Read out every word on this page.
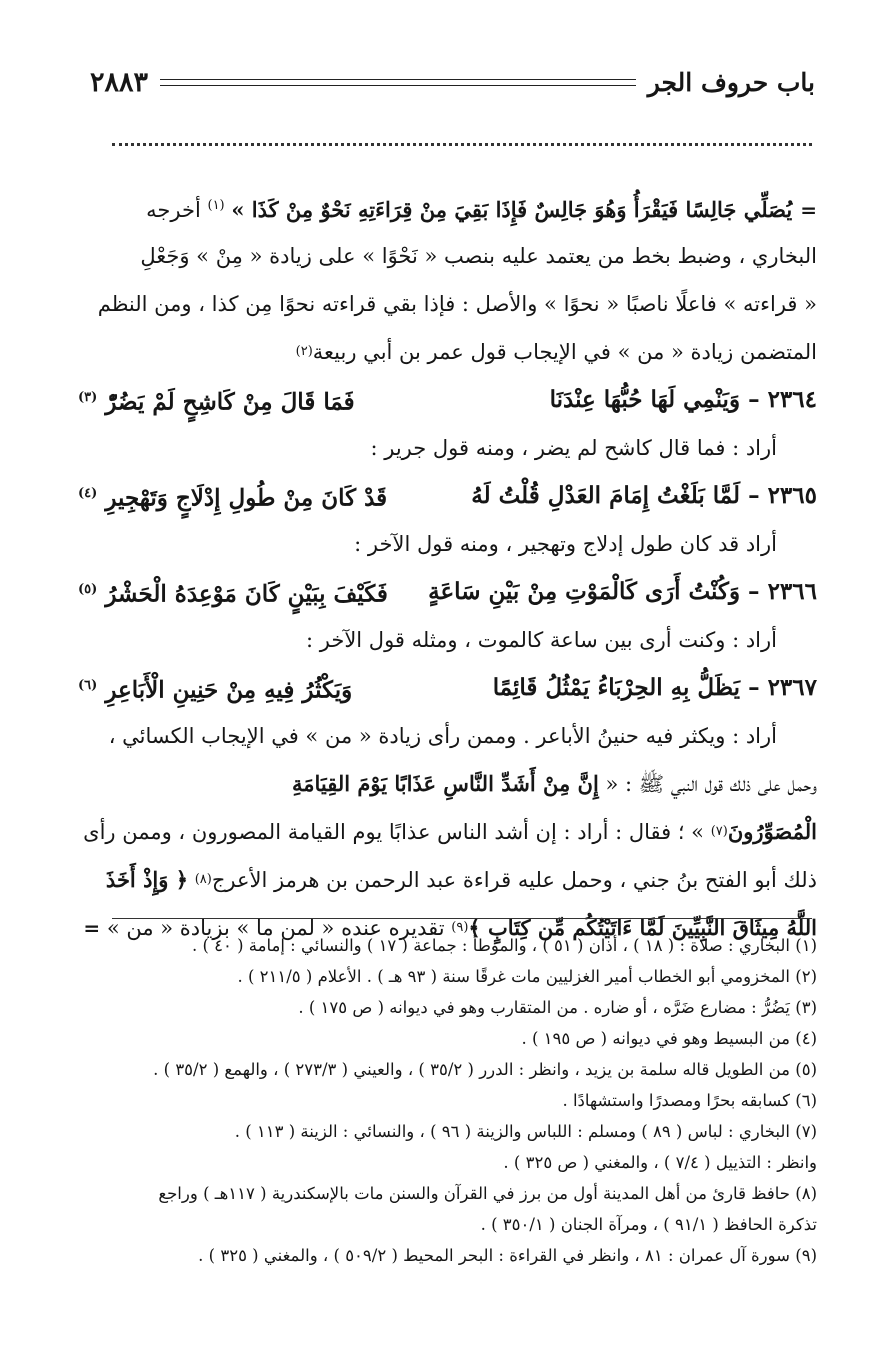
باب حروف الجر
٢٨٨٣
=يُصَلِّي جَالِسًا فَيَقْرَأُ وَهُوَ جَالِسٌ فَإِذَا بَقِيَ مِنْ قِرَاءَتِهِ نَحْوٌ مِنْ كَذَا » $^{(١)}$ أخرجه
البخاري ، وضبط بخط من يعتمد عليه بنصب « نَحْوًا » على زيادة « مِنْ » وَجَعْلِ
« قراءته » فاعلًا ناصبًا « نحوًا » والأصل : فإذا بقي قراءته نحوًا مِن كذا ، ومن النظم
المتضمن زيادة « من » في الإيجاب قول عمر بن أبي ربيعة
(٢)
٢٣٦٤ – وَيَنْمِي لَهَا حُبُّهَا عِنْدَنَا
فَمَا قَالَ مِنْ كَاشِحٍ لَمْ يَضُرّْ $^{(٣)}$
أراد : فما قال كاشح لم يضر ، ومنه قول جرير :
٢٣٦٥ – لَمَّا بَلَغْتُ إِمَامَ العَدْلِ قُلْتُ لَهُ
قَدْ كَانَ مِنْ طُولِ إِدْلَاجٍ وَتَهْجِيرِ $^{(٤)}$
أراد قد كان طول إدلاج وتهجير ، ومنه قول الآخر :
٢٣٦٦ – وَكُنْتُ أَرَى كَالْمَوْتِ مِنْ بَيْنِ سَاعَةٍ
فَكَيْفَ بِبَيْنٍ كَانَ مَوْعِدَهُ الْحَشْرُ $^{(٥)}$
أراد : وكنت أرى بين ساعة كالموت ، ومثله قول الآخر :
٢٣٦٧ – يَظَلُّ بِهِ الحِرْبَاءُ يَمْثُلُ قَائِمًا
وَيَكْثُرُ فِيهِ مِنْ حَنِينِ الْأَبَاعِرِ $^{(٦)}$
أراد : ويكثر فيه حنينُ الأباعر . وممن رأى زيادة « من » في الإيجاب الكسائي ،
وحمل على ذلك قول النبي ﷺ : «

إِنَّ مِنْ أَشَدِّ النَّاسِ عَذَابًا يَوْمَ القِيَامَةِ
الْمُصَوِّرُونَ
(٧)

» ؛ فقال : أراد : إن أشد الناس عذابًا يوم القيامة المصورون ، وممن رأى
ذلك أبو الفتح بنُ جني ، وحمل عليه قراءة عبد الرحمن بن هرمز الأعرج
(٨)

﴿ وَإِذْ أَخَذَ
اللَّهُ مِيثَاقَ النَّبِيِّينَ لَمَّا ءَاتَيْتُكُم مِّن كِتَابٍ ﴾
(٩)

تقديره عنده « لمن ما » بزيادة « من »

=
(١) البخاري : صلاة : ( ١٨ ) ، أذان ( ٥١ ) ، والموطأ : جماعة ( ١٧ ) والنسائي : إمامة ( ٤٠ ) .
(٢) المخزومي أبو الخطاب أمير الغزليين مات غرقًا سنة ( ٩٣ هـ ) . الأعلام ( ٢١١/٥ ) .
(٣) يَضُرُّ : مضارع ضَرَّه ، أو ضاره . من المتقارب وهو في ديوانه ( ص ١٧٥ ) .
(٤) من البسيط وهو في ديوانه ( ص ١٩٥ ) .
(٥) من الطويل قاله سلمة بن يزيد ، وانظر : الدرر ( ٣٥/٢ ) ، والعيني ( ٢٧٣/٣ ) ، والهمع ( ٣٥/٢ ) .
(٦) كسابقه بحرًا ومصدرًا واستشهادًا .
(٧) البخاري : لباس ( ٨٩ ) ومسلم : اللباس والزينة ( ٩٦ ) ، والنسائي : الزينة ( ١١٣ ) .
وانظر : التذييل ( ٧/٤ ) ، والمغني ( ص ٣٢٥ ) .
(٨) حافظ قارئ من أهل المدينة أول من برز في القرآن والسنن مات بالإسكندرية ( ١١٧هـ ) وراجع
تذكرة الحافظ ( ٩١/١ ) ، ومرآة الجنان ( ٣٥٠/١ ) .
(٩) سورة آل عمران : ٨١ ، وانظر في القراءة : البحر المحيط ( ٥٠٩/٢ ) ، والمغني ( ٣٢٥ ) .
